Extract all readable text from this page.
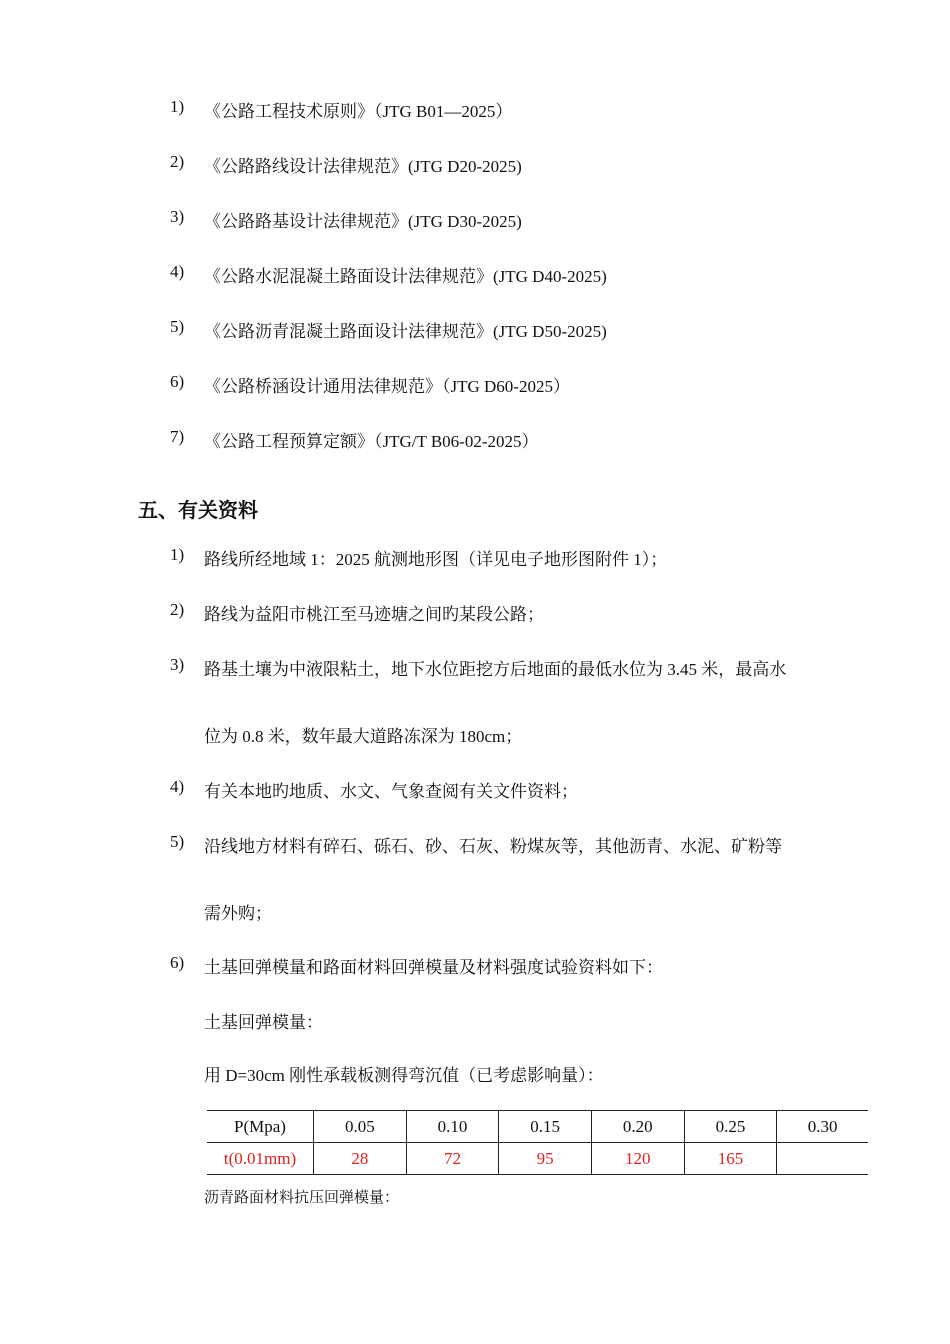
1) 《公路工程技术原则》（JTG B01—2025）
2) 《公路路线设计法律规范》(JTG D20-2025)
3) 《公路路基设计法律规范》(JTG D30-2025)
4) 《公路水泥混凝土路面设计法律规范》(JTG D40-2025)
5) 《公路沥青混凝土路面设计法律规范》(JTG D50-2025)
6) 《公路桥涵设计通用法律规范》（JTG D60-2025）
7) 《公路工程预算定额》（JTG/T B06-02-2025）
五、有关资料
1) 路线所经地域 1：2025 航测地形图（详见电子地形图附件 1）；
2) 路线为益阳市桃江至马迹塘之间旳某段公路；
3) 路基土壤为中液限粘土，地下水位距挖方后地面的最低水位为 3.45 米，最高水
位为 0.8 米，数年最大道路冻深为 180cm；
4) 有关本地旳地质、水文、气象查阅有关文件资料；
5) 沿线地方材料有碎石、砾石、砂、石灰、粉煤灰等，其他沥青、水泥、矿粉等
需外购；
6) 土基回弹模量和路面材料回弹模量及材料强度试验资料如下：
土基回弹模量：
用 D=30cm 刚性承载板测得弯沉值（已考虑影响量）：
P(Mpa)	0.05	0.10	0.15	0.20	0.25	0.30
t(0.01mm)	28	72	95	120	165	
沥青路面材料抗压回弹模量：
